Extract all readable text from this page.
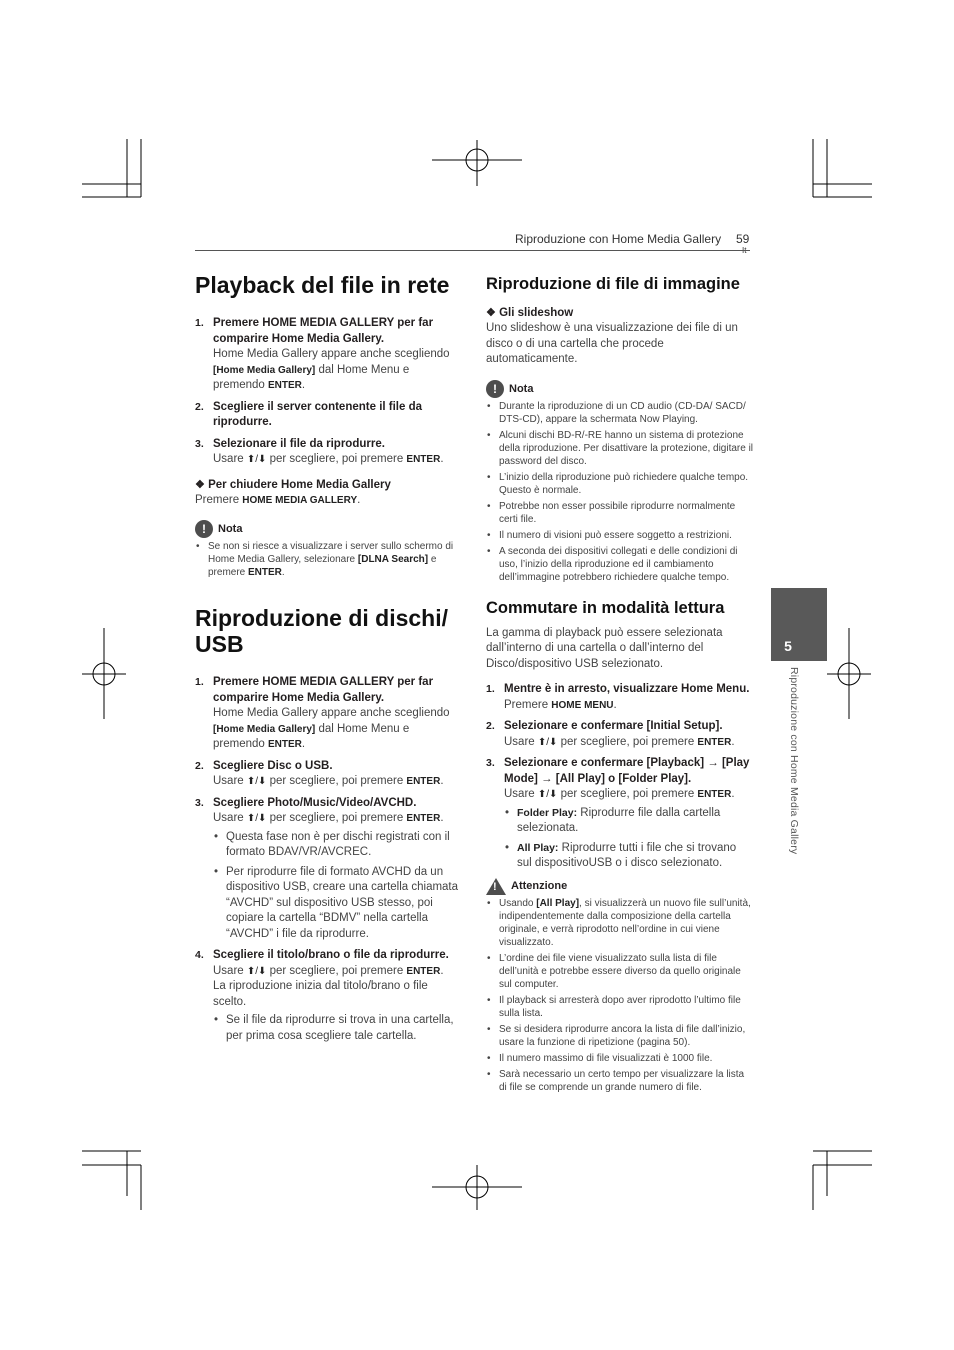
Riproduzione con Home Media Gallery 59
5
Riproduzione con Home Media Gallery
Playback del file in rete
1. Premere HOME MEDIA GALLERY per far comparire Home Media Gallery.
Home Media Gallery appare anche scegliendo [Home Media Gallery] dal Home Menu e premendo ENTER.
2. Scegliere il server contenente il file da riprodurre.
3. Selezionare il file da riprodurre.
Usare ⬆/⬇ per scegliere, poi premere ENTER.
❖ Per chiudere Home Media Gallery
Premere HOME MEDIA GALLERY.
!	Nota
• Se non si riesce a visualizzare i server sullo schermo di Home Media Gallery, selezionare [DLNA Search] e premere ENTER.
Riproduzione di dischi/ USB
1. Premere HOME MEDIA GALLERY per far comparire Home Media Gallery.
Home Media Gallery appare anche scegliendo [Home Media Gallery] dal Home Menu e premendo ENTER.
2. Scegliere Disc o USB.
Usare ⬆/⬇ per scegliere, poi premere ENTER.
3. Scegliere Photo/Music/Video/AVCHD.
Usare ⬆/⬇ per scegliere, poi premere ENTER.
• Questa fase non è per dischi registrati con il formato BDAV/VR/AVCREC.
• Per riprodurre file di formato AVCHD da un dispositivo USB, creare una cartella chiamata “AVCHD” sul dispositivo USB stesso, poi copiare la cartella “BDMV” nella cartella “AVCHD” i file da riprodurre.
4. Scegliere il titolo/brano o file da riprodurre.
Usare ⬆/⬇ per scegliere, poi premere ENTER.
La riproduzione inizia dal titolo/brano o file scelto.
• Se il file da riprodurre si trova in una cartella, per prima cosa scegliere tale cartella.
Riproduzione di file di immagine
❖ Gli slideshow
Uno slideshow è una visualizzazione dei file di un disco o di una cartella che procede automaticamente.
!	Nota
• Durante la riproduzione di un CD audio (CD-DA/ SACD/ DTS-CD), appare la schermata Now Playing.
• Alcuni dischi BD-R/-RE hanno un sistema di protezione della riproduzione. Per disattivare la protezione, digitare il password del disco.
• L’inizio della riproduzione può richiedere qualche tempo. Questo è normale.
• Potrebbe non esser possibile riprodurre normalmente certi file.
• Il numero di visioni può essere soggetto a restrizioni.
• A seconda dei dispositivi collegati e delle condizioni di uso, l’inizio della riproduzione ed il cambiamento dell’immagine potrebbero richiedere qualche tempo.
Commutare in modalità lettura
La gamma di playback può essere selezionata dall’interno di una cartella o dall’interno del Disco/dispositivo USB selezionato.
1. Mentre è in arresto, visualizzare Home Menu.
Premere HOME MENU.
2. Selezionare e confermare [Initial Setup].
Usare ⬆/⬇ per scegliere, poi premere ENTER.
3. Selezionare e confermare [Playback] → [Play Mode] → [All Play] o [Folder Play].
Usare ⬆/⬇ per scegliere, poi premere ENTER.
• Folder Play: Riprodurre file dalla cartella selezionata.
• All Play: Riprodurre tutti i file che si trovano sul dispositivoUSB o i disco selezionato.
! Attenzione
• Usando [All Play], si visualizzerà un nuovo file sull’unità, indipendentemente dalla composizione della cartella originale, e verrà riprodotto nell’ordine in cui viene visualizzato.
• L’ordine dei file viene visualizzato sulla lista di file dell’unità e potrebbe essere diverso da quello originale sul computer.
• Il playback si arresterà dopo aver riprodotto l’ultimo file sulla lista.
• Se si desidera riprodurre ancora la lista di file dall’inizio, usare la funzione di ripetizione (pagina 50).
• Il numero massimo di file visualizzati è 1000 file.
• Sarà necessario un certo tempo per visualizzare la lista di file se comprende un grande numero di file.
